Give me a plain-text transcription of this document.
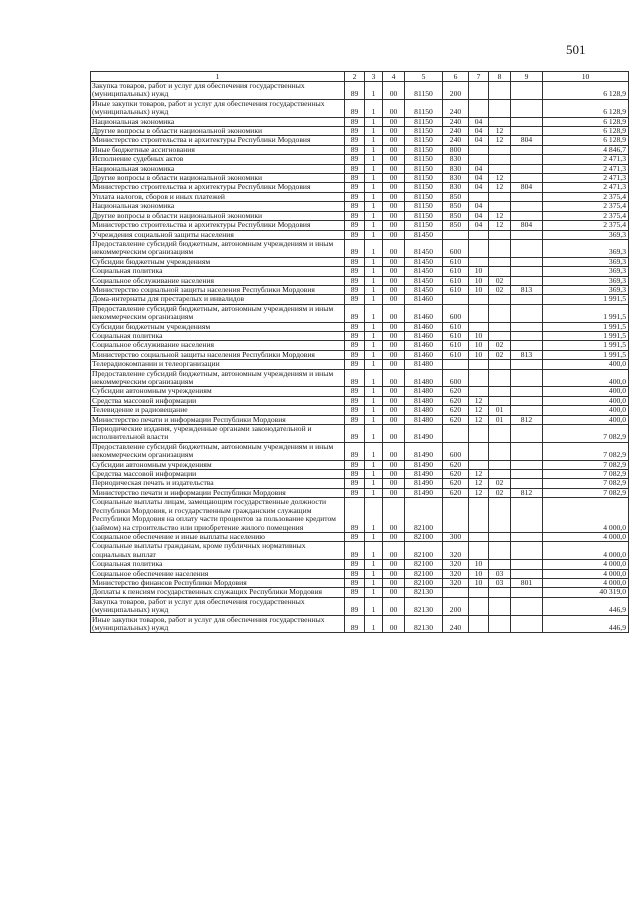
501
1	2	3	4	5	6	7	8	9	10
Закупка товаров, работ и услуг для обеспечения государственных (муниципальных) нужд	89	1	00	81150	200				6 128,9
Иные закупки товаров, работ и услуг для обеспечения государственных (муниципальных) нужд	89	1	00	81150	240				6 128,9
Национальная экономика	89	1	00	81150	240	04			6 128,9
Другие вопросы в области национальной экономики	89	1	00	81150	240	04	12		6 128,9
Министерство строительства и архитектуры Республики Мордовия	89	1	00	81150	240	04	12	804	6 128,9
Иные бюджетные ассигнования	89	1	00	81150	800				4 846,7
Исполнение судебных актов	89	1	00	81150	830				2 471,3
Национальная экономика	89	1	00	81150	830	04			2 471,3
Другие вопросы в области национальной экономики	89	1	00	81150	830	04	12		2 471,3
Министерство строительства и архитектуры Республики Мордовия	89	1	00	81150	830	04	12	804	2 471,3
Уплата налогов, сборов и иных платежей	89	1	00	81150	850				2 375,4
Национальная экономика	89	1	00	81150	850	04			2 375,4
Другие вопросы в области национальной экономики	89	1	00	81150	850	04	12		2 375,4
Министерство строительства и архитектуры Республики Мордовия	89	1	00	81150	850	04	12	804	2 375,4
Учреждения социальной защиты населения	89	1	00	81450					369,3
Предоставление субсидий бюджетным, автономным учреждениям и иным некоммерческим организациям	89	1	00	81450	600				369,3
Субсидии бюджетным учреждениям	89	1	00	81450	610				369,3
Социальная политика	89	1	00	81450	610	10			369,3
Социальное обслуживание населения	89	1	00	81450	610	10	02		369,3
Министерство социальной защиты населения Республики Мордовия	89	1	00	81450	610	10	02	813	369,3
Дома-интернаты для престарелых и инвалидов	89	1	00	81460					1 991,5
Предоставление субсидий бюджетным, автономным учреждениям и иным некоммерческим организациям	89	1	00	81460	600				1 991,5
Субсидии бюджетным учреждениям	89	1	00	81460	610				1 991,5
Социальная политика	89	1	00	81460	610	10			1 991,5
Социальное обслуживание населения	89	1	00	81460	610	10	02		1 991,5
Министерство социальной защиты населения Республики Мордовия	89	1	00	81460	610	10	02	813	1 991,5
Телерадиокомпании и телеорганизации	89	1	00	81480					400,0
Предоставление субсидий бюджетным, автономным учреждениям и иным некоммерческим организациям	89	1	00	81480	600				400,0
Субсидии автономным учреждениям	89	1	00	81480	620				400,0
Средства массовой информации	89	1	00	81480	620	12			400,0
Телевидение и радиовещание	89	1	00	81480	620	12	01		400,0
Министерство печати и информации Республики Мордовия	89	1	00	81480	620	12	01	812	400,0
Периодические издания, учрежденные органами законодательной и исполнительной власти	89	1	00	81490					7 082,9
Предоставление субсидий бюджетным, автономным учреждениям и иным некоммерческим организациям	89	1	00	81490	600				7 082,9
Субсидии автономным учреждениям	89	1	00	81490	620				7 082,9
Средства массовой информации	89	1	00	81490	620	12			7 082,9
Периодическая печать и издательства	89	1	00	81490	620	12	02		7 082,9
Министерство печати и информации Республики Мордовия	89	1	00	81490	620	12	02	812	7 082,9
Социальные выплаты лицам, замещающим государственные должности Республики Мордовия, и государственным гражданским служащим Республики Мордовия на оплату части процентов за пользование кредитом (займом) на строительство или приобретение жилого помещения	89	1	00	82100					4 000,0
Социальное обеспечение и иные выплаты населению	89	1	00	82100	300				4 000,0
Социальные выплаты гражданам, кроме публичных нормативных социальных выплат	89	1	00	82100	320				4 000,0
Социальная политика	89	1	00	82100	320	10			4 000,0
Социальное обеспечение населения	89	1	00	82100	320	10	03		4 000,0
Министерство финансов Республики Мордовия	89	1	00	82100	320	10	03	801	4 000,0
Доплаты к пенсиям государственных служащих Республики Мордовия	89	1	00	82130					40 319,0
Закупка товаров, работ и услуг для обеспечения государственных (муниципальных) нужд	89	1	00	82130	200				446,9
Иные закупки товаров, работ и услуг для обеспечения государственных (муниципальных) нужд	89	1	00	82130	240				446,9
